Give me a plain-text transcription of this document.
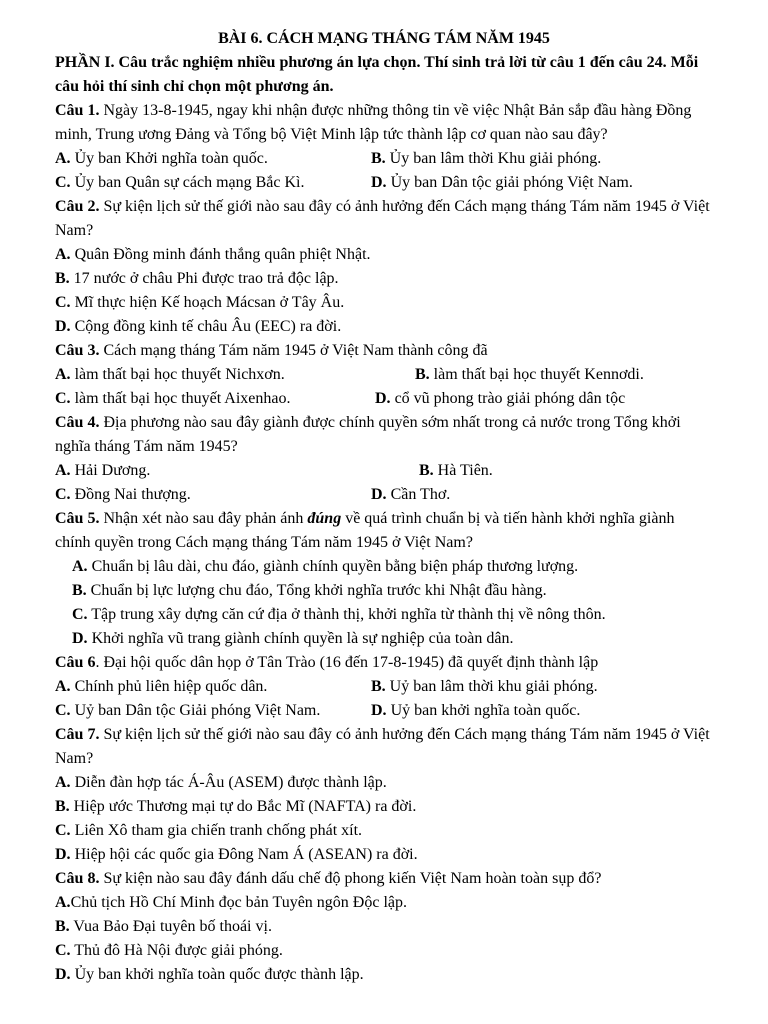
BÀI 6. CÁCH MẠNG THÁNG TÁM NĂM 1945

PHẦN I. Câu trắc nghiệm nhiều phương án lựa chọn. Thí sinh trả lời từ câu 1 đến câu 24. Mỗi câu hỏi thí sinh chỉ chọn một phương án.

Câu 1. Ngày 13-8-1945, ngay khi nhận được những thông tin về việc Nhật Bản sắp đầu hàng Đồng minh, Trung ương Đảng và Tổng bộ Việt Minh lập tức thành lập cơ quan nào sau đây?

A. Ủy ban Khởi nghĩa toàn quốc.	B. Ủy ban lâm thời Khu giải phóng.

C. Ủy ban Quân sự cách mạng Bắc Kì.	D. Ủy ban Dân tộc giải phóng Việt Nam.

Câu 2. Sự kiện lịch sử thế giới nào sau đây có ảnh hưởng đến Cách mạng tháng Tám năm 1945 ở Việt Nam?

A. Quân Đồng minh đánh thắng quân phiệt Nhật.

B. 17 nước ở châu Phi được trao trả độc lập.

C. Mĩ thực hiện Kế hoạch Mácsan ở Tây Âu.

D. Cộng đồng kinh tế châu Âu (EEC) ra đời.

Câu 3. Cách mạng tháng Tám năm 1945 ở Việt Nam thành công đã

A. làm thất bại học thuyết Nichxơn.	B. làm thất bại học thuyết Kennơdi.

C. làm thất bại học thuyết Aixenhao.	D. cổ vũ phong trào giải phóng dân tộc

Câu 4. Địa phương nào sau đây giành được chính quyền sớm nhất trong cả nước trong Tổng khởi nghĩa tháng Tám năm 1945?

A. Hải Dương.	B. Hà Tiên.

C. Đồng Nai thượng.	D. Cần Thơ.

Câu 5. Nhận xét nào sau đây phản ánh đúng về quá trình chuẩn bị và tiến hành khởi nghĩa giành chính quyền trong Cách mạng tháng Tám năm 1945 ở Việt Nam?

A. Chuẩn bị lâu dài, chu đáo, giành chính quyền bằng biện pháp thương lượng.

B. Chuẩn bị lực lượng chu đáo, Tổng khởi nghĩa trước khi Nhật đầu hàng.

C. Tập trung xây dựng căn cứ địa ở thành thị, khởi nghĩa từ thành thị về nông thôn.

D. Khởi nghĩa vũ trang giành chính quyền là sự nghiệp của toàn dân.

Câu 6. Đại hội quốc dân họp ở Tân Trào (16 đến 17-8-1945) đã quyết định thành lập

A. Chính phủ liên hiệp quốc dân.	B. Uỷ ban lâm thời khu giải phóng.

C. Uỷ ban Dân tộc Giải phóng Việt Nam.	D. Uỷ ban khởi nghĩa toàn quốc.

Câu 7. Sự kiện lịch sử thế giới nào sau đây có ảnh hưởng đến Cách mạng tháng Tám năm 1945 ở Việt Nam?

A. Diễn đàn hợp tác Á-Âu (ASEM) được thành lập.

B. Hiệp ước Thương mại tự do Bắc Mĩ (NAFTA) ra đời.

C. Liên Xô tham gia chiến tranh chống phát xít.

D. Hiệp hội các quốc gia Đông Nam Á (ASEAN) ra đời.

Câu 8. Sự kiện nào sau đây đánh dấu chế độ phong kiến Việt Nam hoàn toàn sụp đổ?

A.Chủ tịch Hồ Chí Minh đọc bản Tuyên ngôn Độc lập.

B. Vua Bảo Đại tuyên bố thoái vị.

C. Thủ đô Hà Nội được giải phóng.

D. Ủy ban khởi nghĩa toàn quốc được thành lập.
